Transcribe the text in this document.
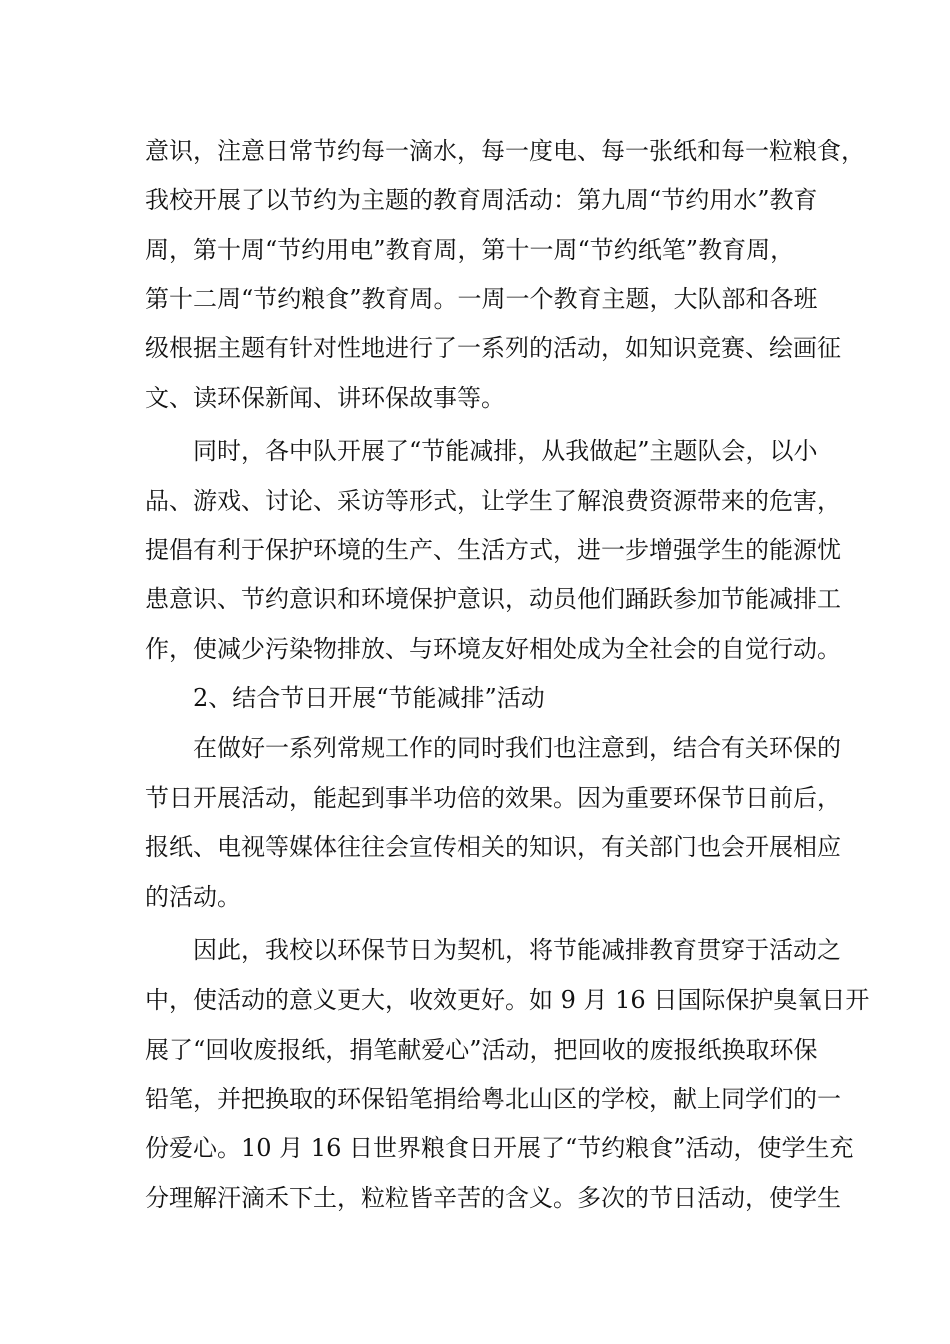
意识，注意日常节约每一滴水，每一度电、每一张纸和每一粒粮食，
我校开展了以节约为主题的教育周活动：第九周“节约用水”教育
周，第十周“节约用电”教育周，第十一周“节约纸笔”教育周，
第十二周“节约粮食”教育周。一周一个教育主题，大队部和各班
级根据主题有针对性地进行了一系列的活动，如知识竞赛、绘画征
文、读环保新闻、讲环保故事等。
同时，各中队开展了“节能减排，从我做起”主题队会，以小
品、游戏、讨论、采访等形式，让学生了解浪费资源带来的危害，
提倡有利于保护环境的生产、生活方式，进一步增强学生的能源忧
患意识、节约意识和环境保护意识，动员他们踊跃参加节能减排工
作，使减少污染物排放、与环境友好相处成为全社会的自觉行动。
2、结合节日开展“节能减排”活动
在做好一系列常规工作的同时我们也注意到，结合有关环保的
节日开展活动，能起到事半功倍的效果。因为重要环保节日前后，
报纸、电视等媒体往往会宣传相关的知识，有关部门也会开展相应
的活动。
因此，我校以环保节日为契机，将节能减排教育贯穿于活动之
中，使活动的意义更大，收效更好。如 9 月 16 日国际保护臭氧日开
展了“回收废报纸，捐笔献爱心”活动，把回收的废报纸换取环保
铅笔，并把换取的环保铅笔捐给粤北山区的学校，献上同学们的一
份爱心。10 月 16 日世界粮食日开展了“节约粮食”活动，使学生充
分理解汗滴禾下土，粒粒皆辛苦的含义。多次的节日活动，使学生
